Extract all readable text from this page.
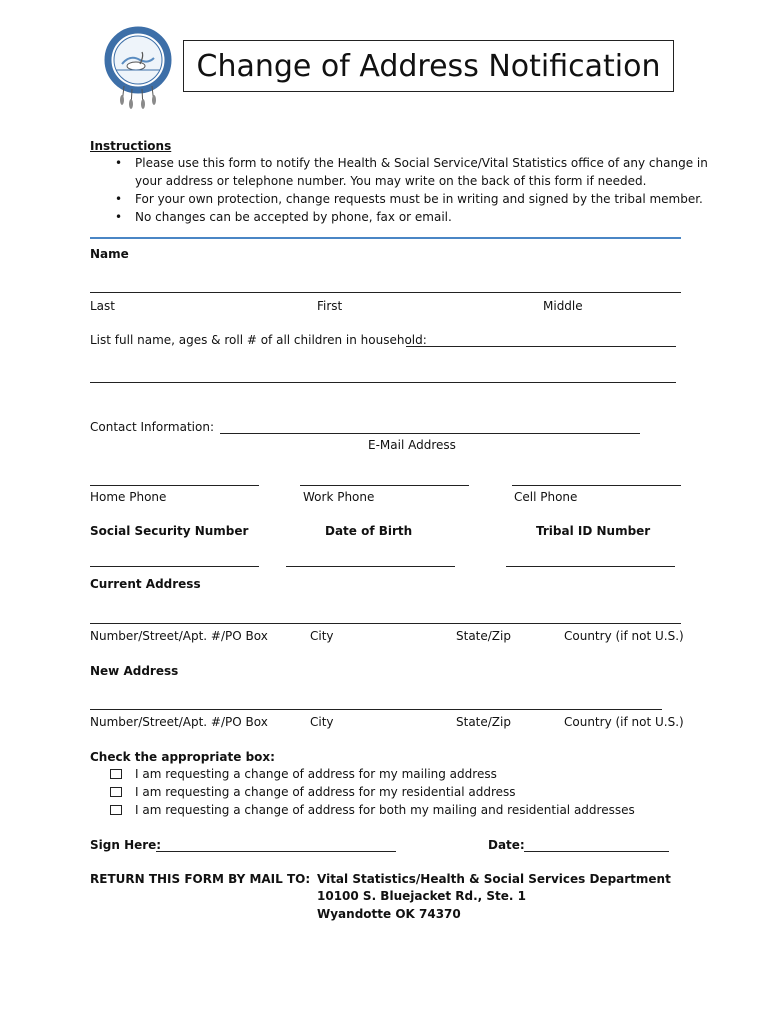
Change of Address Notification
Instructions
• Please use this form to notify the Health & Social Service/Vital Statistics office of any change in
your address or telephone number. You may write on the back of this form if needed.
• For your own protection, change requests must be in writing and signed by the tribal member.
• No changes can be accepted by phone, fax or email.
Name
Last	First	Middle
List full name, ages & roll # of all children in household:
Contact Information:
E-Mail Address
Home Phone	Work Phone	Cell Phone
Social Security Number	Date of Birth	Tribal ID Number
Current Address
Number/Street/Apt. #/PO Box	City	State/Zip	Country (if not U.S.)
New Address
Number/Street/Apt. #/PO Box	City	State/Zip	Country (if not U.S.)
Check the appropriate box:
I am requesting a change of address for my mailing address
I am requesting a change of address for my residential address
I am requesting a change of address for both my mailing and residential addresses
Sign Here:	Date:
RETURN THIS FORM BY MAIL TO: Vital Statistics/Health & Social Services Department
10100 S. Bluejacket Rd., Ste. 1
Wyandotte OK 74370
